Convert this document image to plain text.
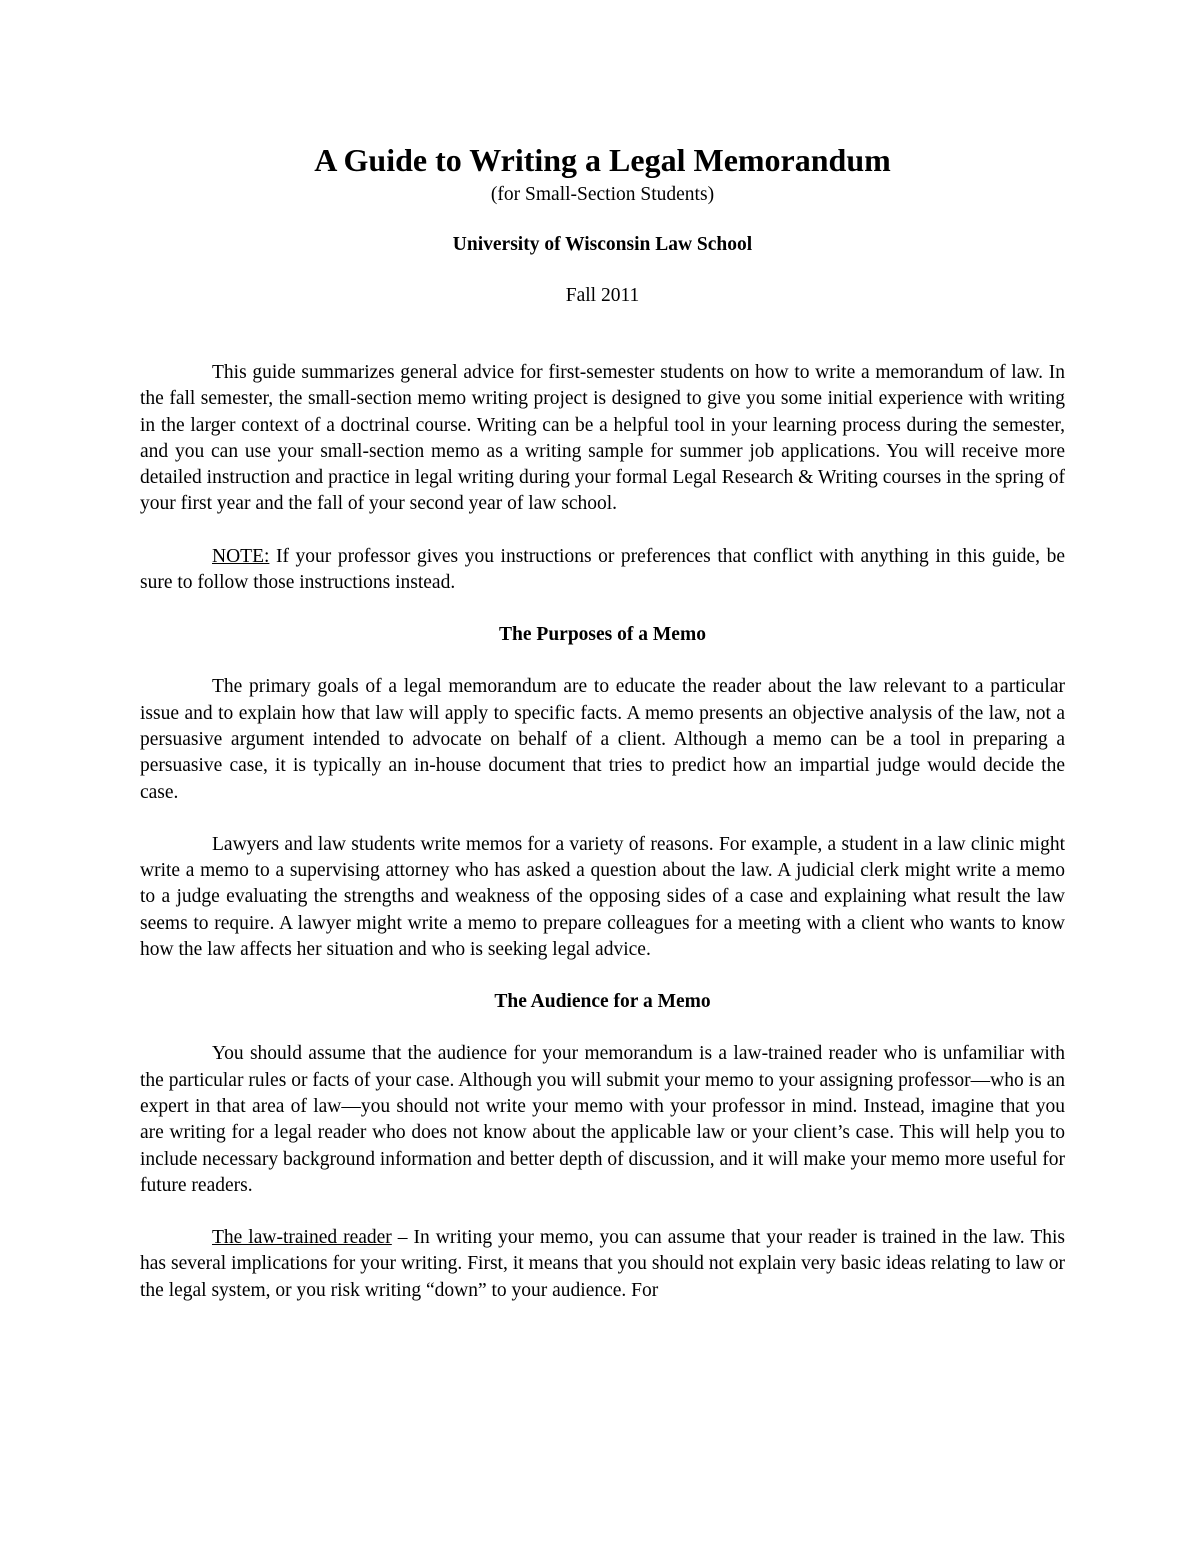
A Guide to Writing a Legal Memorandum

(for Small-Section Students)

University of Wisconsin Law School

Fall 2011

This guide summarizes general advice for first-semester students on how to write a memorandum of law. In the fall semester, the small-section memo writing project is designed to give you some initial experience with writing in the larger context of a doctrinal course. Writing can be a helpful tool in your learning process during the semester, and you can use your small-section memo as a writing sample for summer job applications. You will receive more detailed instruction and practice in legal writing during your formal Legal Research & Writing courses in the spring of your first year and the fall of your second year of law school.

NOTE: If your professor gives you instructions or preferences that conflict with anything in this guide, be sure to follow those instructions instead.

The Purposes of a Memo

The primary goals of a legal memorandum are to educate the reader about the law relevant to a particular issue and to explain how that law will apply to specific facts. A memo presents an objective analysis of the law, not a persuasive argument intended to advocate on behalf of a client. Although a memo can be a tool in preparing a persuasive case, it is typically an in-house document that tries to predict how an impartial judge would decide the case.

Lawyers and law students write memos for a variety of reasons. For example, a student in a law clinic might write a memo to a supervising attorney who has asked a question about the law. A judicial clerk might write a memo to a judge evaluating the strengths and weakness of the opposing sides of a case and explaining what result the law seems to require. A lawyer might write a memo to prepare colleagues for a meeting with a client who wants to know how the law affects her situation and who is seeking legal advice.

The Audience for a Memo

You should assume that the audience for your memorandum is a law-trained reader who is unfamiliar with the particular rules or facts of your case. Although you will submit your memo to your assigning professor—who is an expert in that area of law—you should not write your memo with your professor in mind. Instead, imagine that you are writing for a legal reader who does not know about the applicable law or your client’s case. This will help you to include necessary background information and better depth of discussion, and it will make your memo more useful for future readers.

The law-trained reader – In writing your memo, you can assume that your reader is trained in the law. This has several implications for your writing. First, it means that you should not explain very basic ideas relating to law or the legal system, or you risk writing “down” to your audience. For
